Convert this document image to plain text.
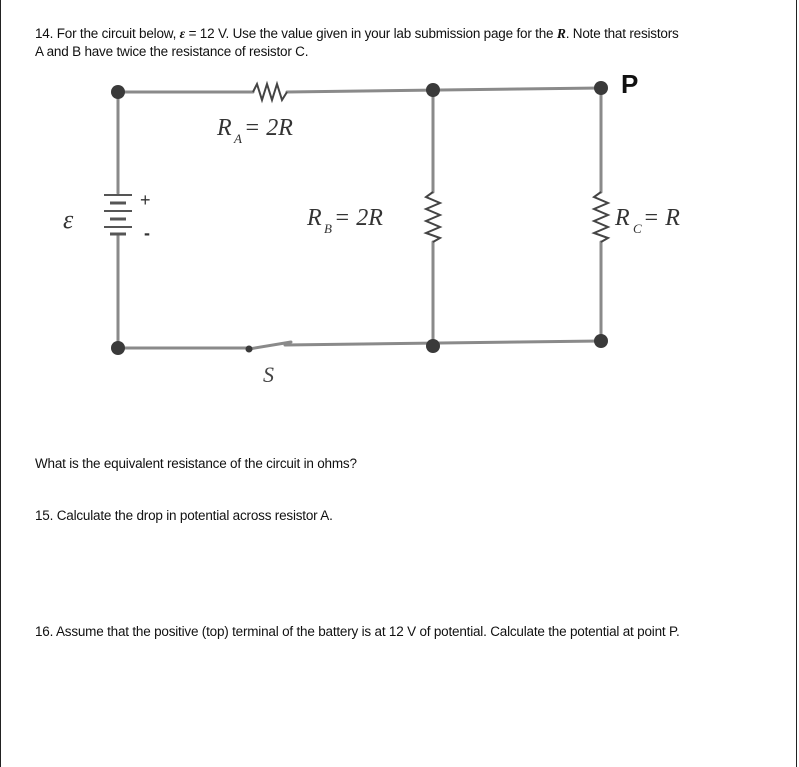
14. For the circuit below, ε = 12 V. Use the value given in your lab submission page for the R. Note that resistors
A and B have twice the resistance of resistor C.
P
ε
+
-
R A = 2R
R B = 2R	R C = R
S
What is the equivalent resistance of the circuit in ohms?
15. Calculate the drop in potential across resistor A.
16. Assume that the positive (top) terminal of the battery is at 12 V of potential. Calculate the potential at point P.
